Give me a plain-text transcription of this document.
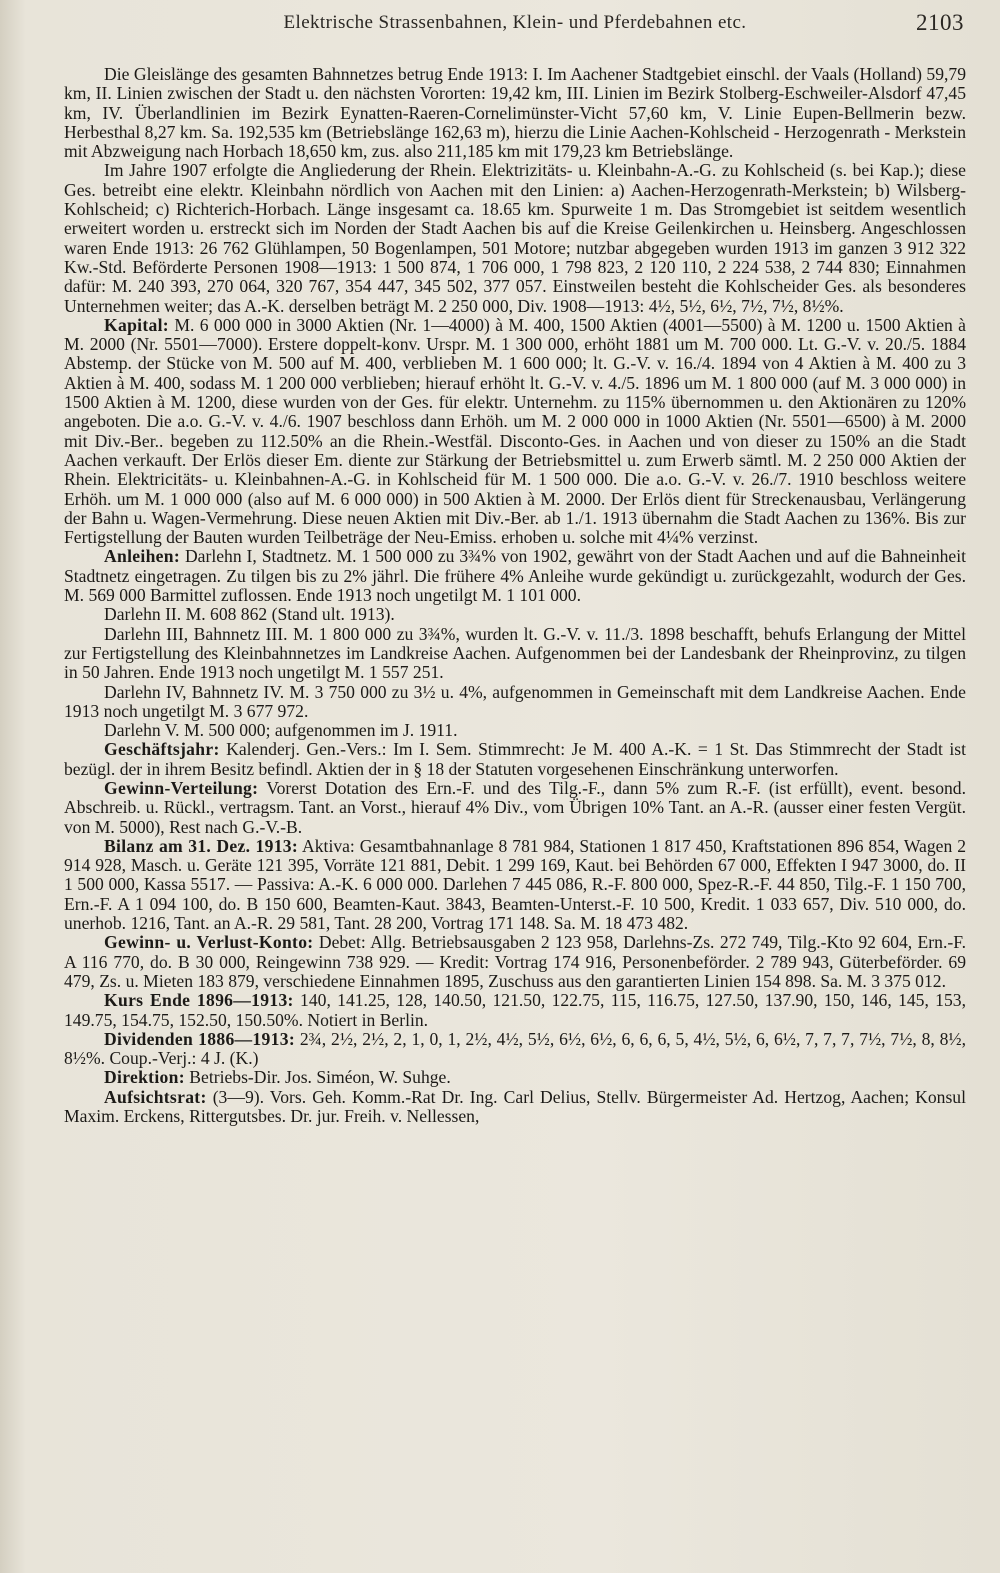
Elektrische Strassenbahnen, Klein- und Pferdebahnen etc.	2103

Die Gleislänge des gesamten Bahnnetzes betrug Ende 1913: I. Im Aachener Stadtgebiet einschl. der Vaals (Holland) 59,79 km, II. Linien zwischen der Stadt u. den nächsten Vororten: 19,42 km, III. Linien im Bezirk Stolberg-Eschweiler-Alsdorf 47,45 km, IV. Überlandlinien im Bezirk Eynatten-Raeren-Cornelimünster-Vicht 57,60 km, V. Linie Eupen-Bellmerin bezw. Herbesthal 8,27 km. Sa. 192,535 km (Betriebslänge 162,63 m), hierzu die Linie Aachen-Kohlscheid - Herzogenrath - Merkstein mit Abzweigung nach Horbach 18,650 km, zus. also 211,185 km mit 179,23 km Betriebslänge.

Im Jahre 1907 erfolgte die Angliederung der Rhein. Elektrizitäts- u. Kleinbahn-A.-G. zu Kohlscheid (s. bei Kap.); diese Ges. betreibt eine elektr. Kleinbahn nördlich von Aachen mit den Linien: a) Aachen-Herzogenrath-Merkstein; b) Wilsberg-Kohlscheid; c) Richterich-Horbach. Länge insgesamt ca. 18.65 km. Spurweite 1 m. Das Stromgebiet ist seitdem wesentlich erweitert worden u. erstreckt sich im Norden der Stadt Aachen bis auf die Kreise Geilenkirchen u. Heinsberg. Angeschlossen waren Ende 1913: 26 762 Glühlampen, 50 Bogenlampen, 501 Motore; nutzbar abgegeben wurden 1913 im ganzen 3 912 322 Kw.-Std. Beförderte Personen 1908—1913: 1 500 874, 1 706 000, 1 798 823, 2 120 110, 2 224 538, 2 744 830; Einnahmen dafür: M. 240 393, 270 064, 320 767, 354 447, 345 502, 377 057. Einstweilen besteht die Kohlscheider Ges. als besonderes Unternehmen weiter; das A.-K. derselben beträgt M. 2 250 000, Div. 1908—1913: 4½, 5½, 6½, 7½, 7½, 8½%.

Kapital: M. 6 000 000 in 3000 Aktien (Nr. 1—4000) à M. 400, 1500 Aktien (4001—5500) à M. 1200 u. 1500 Aktien à M. 2000 (Nr. 5501—7000). Erstere doppelt-konv. Urspr. M. 1 300 000, erhöht 1881 um M. 700 000. Lt. G.-V. v. 20./5. 1884 Abstemp. der Stücke von M. 500 auf M. 400, verblieben M. 1 600 000; lt. G.-V. v. 16./4. 1894 von 4 Aktien à M. 400 zu 3 Aktien à M. 400, sodass M. 1 200 000 verblieben; hierauf erhöht lt. G.-V. v. 4./5. 1896 um M. 1 800 000 (auf M. 3 000 000) in 1500 Aktien à M. 1200, diese wurden von der Ges. für elektr. Unternehm. zu 115% übernommen u. den Aktionären zu 120% angeboten. Die a.o. G.-V. v. 4./6. 1907 beschloss dann Erhöh. um M. 2 000 000 in 1000 Aktien (Nr. 5501—6500) à M. 2000 mit Div.-Ber.. begeben zu 112.50% an die Rhein.-Westfäl. Disconto-Ges. in Aachen und von dieser zu 150% an die Stadt Aachen verkauft. Der Erlös dieser Em. diente zur Stärkung der Betriebsmittel u. zum Erwerb sämtl. M. 2 250 000 Aktien der Rhein. Elektricitäts- u. Kleinbahnen-A.-G. in Kohlscheid für M. 1 500 000. Die a.o. G.-V. v. 26./7. 1910 beschloss weitere Erhöh. um M. 1 000 000 (also auf M. 6 000 000) in 500 Aktien à M. 2000. Der Erlös dient für Streckenausbau, Verlängerung der Bahn u. Wagen-Vermehrung. Diese neuen Aktien mit Div.-Ber. ab 1./1. 1913 übernahm die Stadt Aachen zu 136%. Bis zur Fertigstellung der Bauten wurden Teilbeträge der Neu-Emiss. erhoben u. solche mit 4¼% verzinst.

Anleihen: Darlehn I, Stadtnetz. M. 1 500 000 zu 3¾% von 1902, gewährt von der Stadt Aachen und auf die Bahneinheit Stadtnetz eingetragen. Zu tilgen bis zu 2% jährl. Die frühere 4% Anleihe wurde gekündigt u. zurückgezahlt, wodurch der Ges. M. 569 000 Barmittel zuflossen. Ende 1913 noch ungetilgt M. 1 101 000.

Darlehn II. M. 608 862 (Stand ult. 1913).

Darlehn III, Bahnnetz III. M. 1 800 000 zu 3¾%, wurden lt. G.-V. v. 11./3. 1898 beschafft, behufs Erlangung der Mittel zur Fertigstellung des Kleinbahnnetzes im Landkreise Aachen. Aufgenommen bei der Landesbank der Rheinprovinz, zu tilgen in 50 Jahren. Ende 1913 noch ungetilgt M. 1 557 251.

Darlehn IV, Bahnnetz IV. M. 3 750 000 zu 3½ u. 4%, aufgenommen in Gemeinschaft mit dem Landkreise Aachen. Ende 1913 noch ungetilgt M. 3 677 972.

Darlehn V. M. 500 000; aufgenommen im J. 1911.

Geschäftsjahr: Kalenderj. Gen.-Vers.: Im I. Sem. Stimmrecht: Je M. 400 A.-K. = 1 St. Das Stimmrecht der Stadt ist bezügl. der in ihrem Besitz befindl. Aktien der in § 18 der Statuten vorgesehenen Einschränkung unterworfen.

Gewinn-Verteilung: Vorerst Dotation des Ern.-F. und des Tilg.-F., dann 5% zum R.-F. (ist erfüllt), event. besond. Abschreib. u. Rückl., vertragsm. Tant. an Vorst., hierauf 4% Div., vom Übrigen 10% Tant. an A.-R. (ausser einer festen Vergüt. von M. 5000), Rest nach G.-V.-B.

Bilanz am 31. Dez. 1913: Aktiva: Gesamtbahnanlage 8 781 984, Stationen 1 817 450, Kraftstationen 896 854, Wagen 2 914 928, Masch. u. Geräte 121 395, Vorräte 121 881, Debit. 1 299 169, Kaut. bei Behörden 67 000, Effekten I 947 3000, do. II 1 500 000, Kassa 5517. — Passiva: A.-K. 6 000 000. Darlehen 7 445 086, R.-F. 800 000, Spez-R.-F. 44 850, Tilg.-F. 1 150 700, Ern.-F. A 1 094 100, do. B 150 600, Beamten-Kaut. 3843, Beamten-Unterst.-F. 10 500, Kredit. 1 033 657, Div. 510 000, do. unerhob. 1216, Tant. an A.-R. 29 581, Tant. 28 200, Vortrag 171 148. Sa. M. 18 473 482.

Gewinn- u. Verlust-Konto: Debet: Allg. Betriebsausgaben 2 123 958, Darlehns-Zs. 272 749, Tilg.-Kto 92 604, Ern.-F. A 116 770, do. B 30 000, Reingewinn 738 929. — Kredit: Vortrag 174 916, Personenbeförder. 2 789 943, Güterbeförder. 69 479, Zs. u. Mieten 183 879, verschiedene Einnahmen 1895, Zuschuss aus den garantierten Linien 154 898. Sa. M. 3 375 012.

Kurs Ende 1896—1913: 140, 141.25, 128, 140.50, 121.50, 122.75, 115, 116.75, 127.50, 137.90, 150, 146, 145, 153, 149.75, 154.75, 152.50, 150.50%. Notiert in Berlin.

Dividenden 1886—1913: 2¾, 2½, 2½, 2, 1, 0, 1, 2½, 4½, 5½, 6½, 6½, 6, 6, 6, 5, 4½, 5½, 6, 6½, 7, 7, 7, 7½, 7½, 8, 8½, 8½%. Coup.-Verj.: 4 J. (K.)

Direktion: Betriebs-Dir. Jos. Siméon, W. Suhge.

Aufsichtsrat: (3—9). Vors. Geh. Komm.-Rat Dr. Ing. Carl Delius, Stellv. Bürgermeister Ad. Hertzog, Aachen; Konsul Maxim. Erckens, Rittergutsbes. Dr. jur. Freih. v. Nellessen,
